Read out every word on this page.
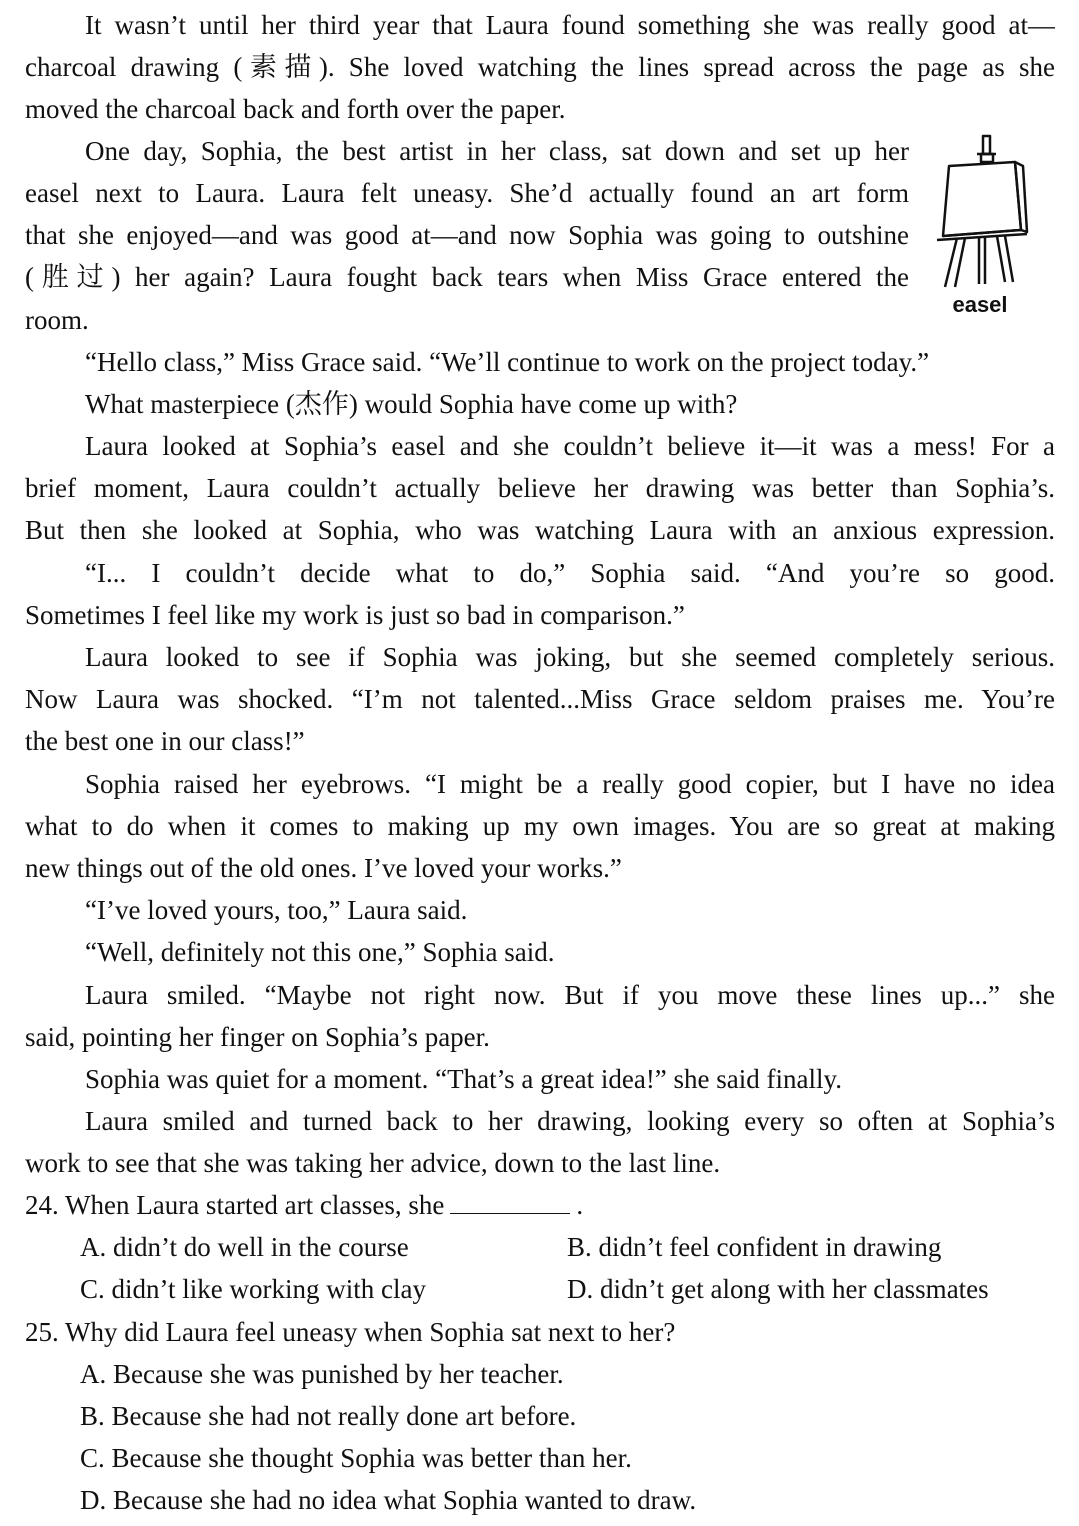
It wasn’t until her third year that Laura found something she was really good at—
charcoal drawing (素描). She loved watching the lines spread across the page as she
moved the charcoal back and forth over the paper.
One day, Sophia, the best artist in her class, sat down and set up her
easel next to Laura. Laura felt uneasy. She’d actually found an art form
that she enjoyed—and was good at—and now Sophia was going to outshine
(胜过) her again? Laura fought back tears when Miss Grace entered the
room.
“Hello class,” Miss Grace said. “We’ll continue to work on the project today.”
What masterpiece (杰作) would Sophia have come up with?
Laura looked at Sophia’s easel and she couldn’t believe it—it was a mess! For a
brief moment, Laura couldn’t actually believe her drawing was better than Sophia’s.
But then she looked at Sophia, who was watching Laura with an anxious expression.
“I... I couldn’t decide what to do,” Sophia said. “And you’re so good.
Sometimes I feel like my work is just so bad in comparison.”
Laura looked to see if Sophia was joking, but she seemed completely serious.
Now Laura was shocked. “I’m not talented...Miss Grace seldom praises me. You’re
the best one in our class!”
Sophia raised her eyebrows. “I might be a really good copier, but I have no idea
what to do when it comes to making up my own images. You are so great at making
new things out of the old ones. I’ve loved your works.”
“I’ve loved yours, too,” Laura said.
“Well, definitely not this one,” Sophia said.
Laura smiled. “Maybe not right now. But if you move these lines up...” she
said, pointing her finger on Sophia’s paper.
Sophia was quiet for a moment. “That’s a great idea!” she said finally.
Laura smiled and turned back to her drawing, looking every so often at Sophia’s
work to see that she was taking her advice, down to the last line.
easel
24. When Laura started art classes, she	.
A. didn’t do well in the course	B. didn’t feel confident in drawing
C. didn’t like working with clay	D. didn’t get along with her classmates
25. Why did Laura feel uneasy when Sophia sat next to her?
A. Because she was punished by her teacher.
B. Because she had not really done art before.
C. Because she thought Sophia was better than her.
D. Because she had no idea what Sophia wanted to draw.
